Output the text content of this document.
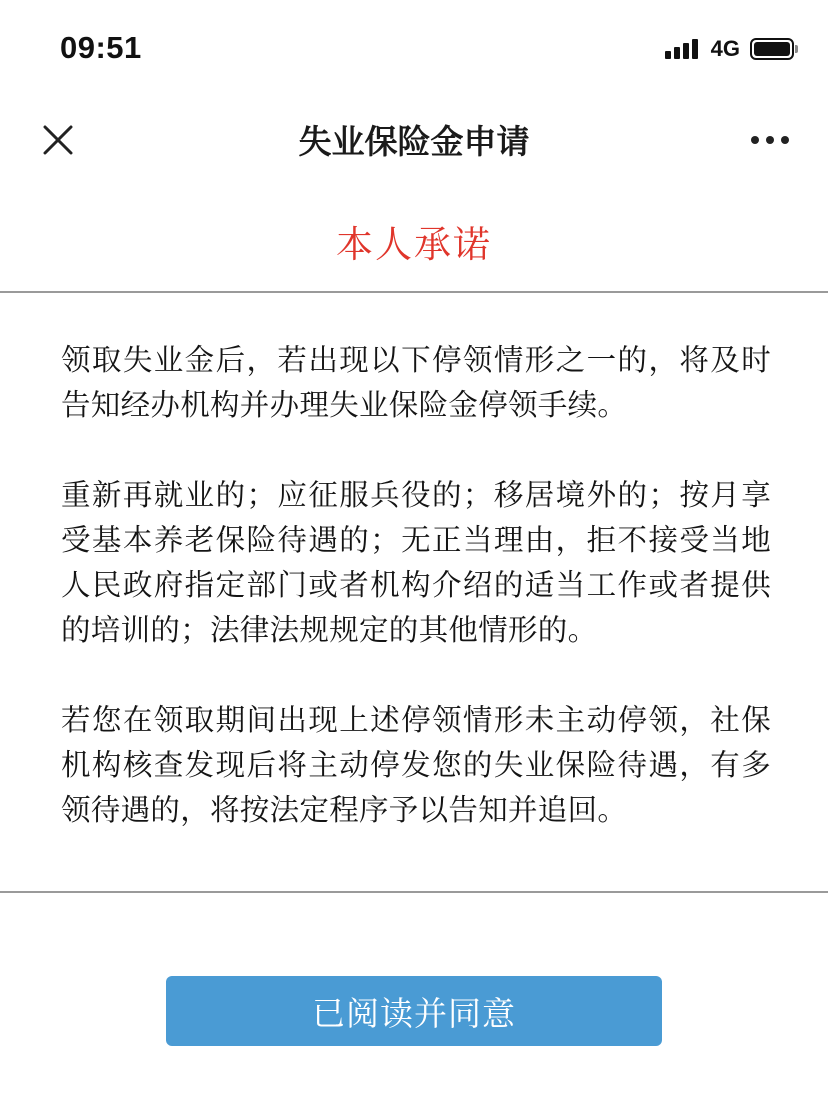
09:51	4G
失业保险金申请
本人承诺

领取失业金后，若出现以下停领情形之一的，将及时告知经办机构并办理失业保险金停领手续。

重新再就业的；应征服兵役的；移居境外的；按月享受基本养老保险待遇的；无正当理由，拒不接受当地人民政府指定部门或者机构介绍的适当工作或者提供的培训的；法律法规规定的其他情形的。

若您在领取期间出现上述停领情形未主动停领，社保机构核查发现后将主动停发您的失业保险待遇，有多领待遇的，将按法定程序予以告知并追回。

已阅读并同意
